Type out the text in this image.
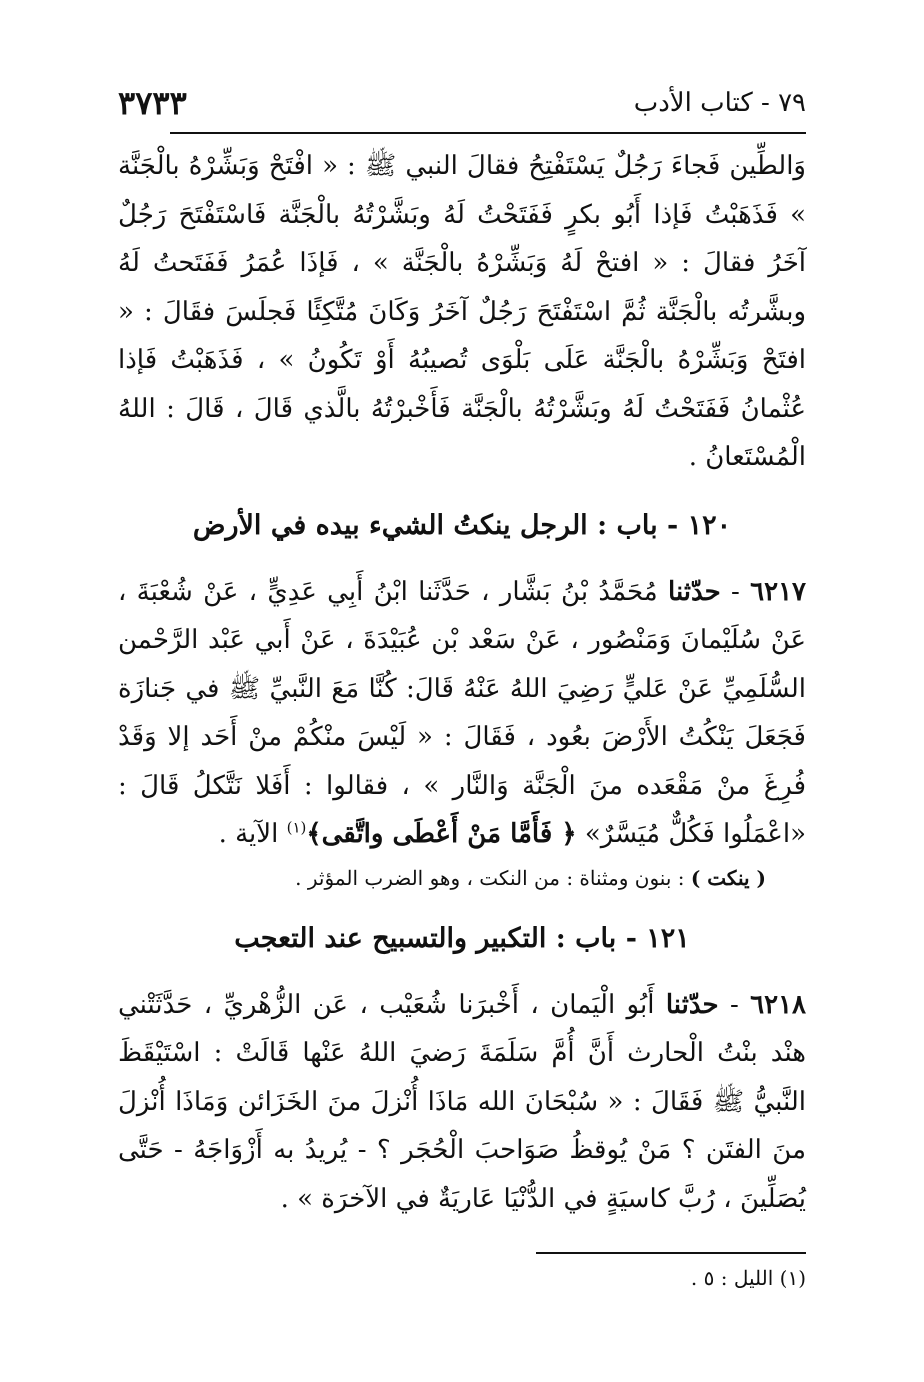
٧٩ - كتاب الأدب
٣٧٣٣

وَالطِّين فَجاءَ رَجُلٌ يَسْتَفْتِحُ فقالَ النبي ﷺ : « افْتَحْ وَبَشِّرْهُ بالْجَنَّة » فَذَهَبْتُ فَإذا أَبُو بكرٍ فَفَتَحْتُ لَهُ وبَشَّرْتُهُ بالْجَنَّة فَاسْتَفْتَحَ رَجُلٌ آخَرُ فقالَ : « افتحْ لَهُ وَبَشِّرْهُ بالْجَنَّة » ، فَإذَا عُمَرُ فَفَتَحتُ لَهُ وبشَّرتُه بالْجَنَّة ثُمَّ اسْتَفْتَحَ رَجُلٌ آخَرُ وَكَانَ مُتَّكِئًا فَجلَسَ فقَالَ : « افتَحْ وَبَشِّرْهُ بالْجَنَّة عَلَى بَلْوَى تُصيبُهُ أَوْ تَكُونُ » ، فَذَهَبْتُ فَإذا عُثْمانُ فَفَتَحْتُ لَهُ وبَشَّرْتُهُ بالْجَنَّة فَأَخْبرْتُهُ بالَّذي قَالَ ، قَالَ : اللهُ الْمُسْتَعانُ .

١٢٠ - باب : الرجل ينكتُ الشيء بيده في الأرض

٦٢١٧ - حدّثنا مُحَمَّدُ بْنُ بَشَّار ، حَدَّثَنا ابْنُ أَبِي عَدِيٍّ ، عَنْ شُعْبَةَ ، عَنْ سُلَيْمانَ وَمَنْصُور ، عَنْ سَعْد بْن عُبَيْدَةَ ، عَنْ أَبي عَبْد الرَّحْمن السُّلَمِيِّ عَنْ عَليٍّ رَضِيَ اللهُ عَنْهُ قَالَ: كُنَّا مَعَ النَّبيِّ ﷺ في جَنازَة فَجَعَلَ يَنْكُتُ الأَرْضَ بعُود ، فَقَالَ : « لَيْسَ منْكُمْ منْ أَحَد إلا وَقَدْ فُرِغَ منْ مَقْعَده منَ الْجَنَّة وَالنَّار » ، فقالوا : أَفَلا نَتَّكلُ قَالَ : «اعْمَلُوا فَكُلٌّ مُيَسَّرٌ» ﴿ فَأَمَّا مَنْ أَعْطَى واتَّقى﴾$^{(١)}$ الآية .

( ينكت ) : بنون ومثناة : من النكت ، وهو الضرب المؤثر .
١٢١ - باب : التكبير والتسبيح عند التعجب

٦٢١٨ - حدّثنا أَبُو الْيَمان ، أَخْبرَنا شُعَيْب ، عَن الزُّهْريِّ ، حَدَّثَتْني هنْد بنْتُ الْحارث أَنَّ أُمَّ سَلَمَةَ رَضيَ اللهُ عَنْها قَالَتْ : اسْتَيْقَظَ النَّبيُّ ﷺ فَقَالَ : « سُبْحَانَ الله مَاذَا أُنْزلَ منَ الخَزَائن وَمَاذَا أُنْزلَ منَ الفتَن ؟ مَنْ يُوقظُ صَوَاحبَ الْحُجَر ؟ - يُريدُ به أَزْوَاجَهُ - حَتَّى يُصَلِّينَ ، رُبَّ كاسيَةٍ في الدُّنْيَا عَاريَةٌ في الآخرَة » .

(١) الليل : ٥ .
